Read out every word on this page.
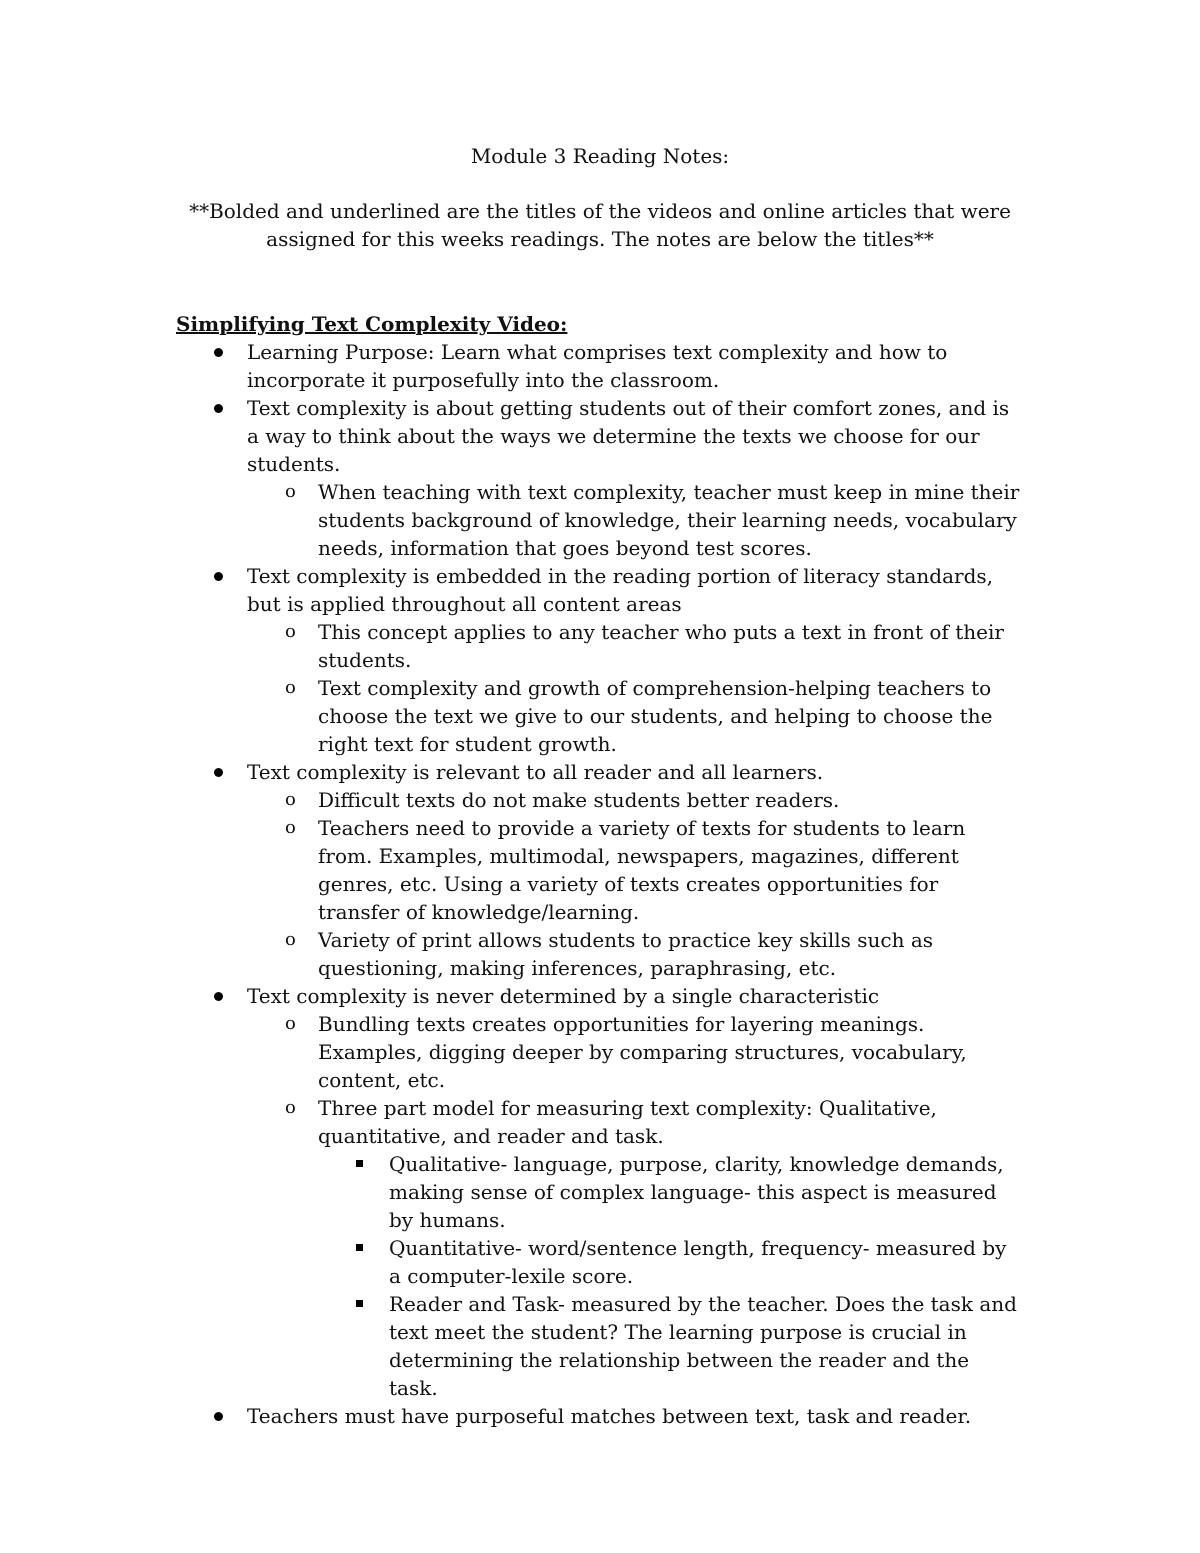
Module 3 Reading Notes:

**Bolded and underlined are the titles of the videos and online articles that were assigned for this weeks readings. The notes are below the titles**

Simplifying Text Complexity Video:
Learning Purpose: Learn what comprises text complexity and how to incorporate it purposefully into the classroom.
Text complexity is about getting students out of their comfort zones, and is a way to think about the ways we determine the texts we choose for our students.
o When teaching with text complexity, teacher must keep in mine their students background of knowledge, their learning needs, vocabulary needs, information that goes beyond test scores.
Text complexity is embedded in the reading portion of literacy standards, but is applied throughout all content areas
o This concept applies to any teacher who puts a text in front of their students.
o Text complexity and growth of comprehension-helping teachers to choose the text we give to our students, and helping to choose the right text for student growth.
Text complexity is relevant to all reader and all learners.
o Difficult texts do not make students better readers.
o Teachers need to provide a variety of texts for students to learn from. Examples, multimodal, newspapers, magazines, different genres, etc. Using a variety of texts creates opportunities for transfer of knowledge/learning.
o Variety of print allows students to practice key skills such as questioning, making inferences, paraphrasing, etc.
Text complexity is never determined by a single characteristic
o Bundling texts creates opportunities for layering meanings. Examples, digging deeper by comparing structures, vocabulary, content, etc.
o Three part model for measuring text complexity: Qualitative, quantitative, and reader and task.
Qualitative- language, purpose, clarity, knowledge demands, making sense of complex language- this aspect is measured by humans.
Quantitative- word/sentence length, frequency- measured by a computer-lexile score.
Reader and Task- measured by the teacher. Does the task and text meet the student? The learning purpose is crucial in determining the relationship between the reader and the task.
Teachers must have purposeful matches between text, task and reader.
